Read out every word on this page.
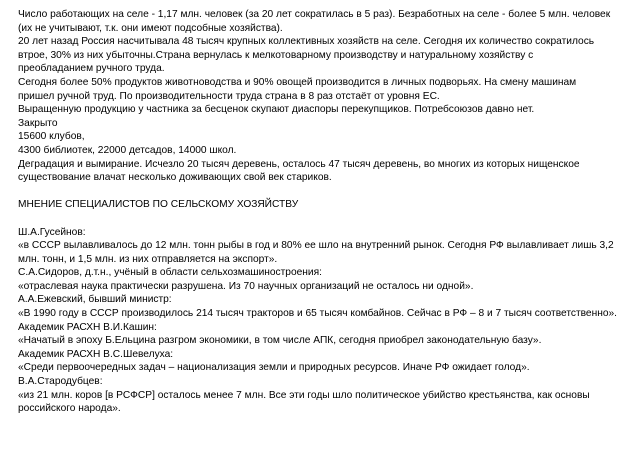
Число работающих на селе - 1,17 млн. человек (за 20 лет сократилась в 5 раз). Безработных на селе - более 5 млн. человек

(их не учитывают, т.к. они имеют подсобные хозяйства).

20 лет назад Россия насчитывала 48 тысяч крупных коллективных хозяйств на селе. Сегодня их количество сократилось

втрое, 30% из них убыточны.Страна вернулась к мелкотоварному производству и натуральному хозяйству с

преобладанием ручного труда.

Сегодня более 50% продуктов животноводства и 90% овощей производится в личных подворьях. На смену машинам

пришел ручной труд. По производительности труда страна в 8 раз отстаёт от уровня ЕС.

Выращенную продукцию у частника за бесценок скупают диаспоры перекупщиков. Потребсоюзов давно нет.

Закрыто

15600 клубов,

4300 библиотек, 22000 детсадов, 14000 школ.

Деградация и вымирание. Исчезло 20 тысяч деревень, осталось 47 тысяч деревень, во многих из которых нищенское

существование влачат несколько доживающих свой век стариков.

МНЕНИЕ СПЕЦИАЛИСТОВ ПО СЕЛЬСКОМУ ХОЗЯЙСТВУ

Ш.А.Гусейнов:

«в СССР вылавливалось до 12 млн. тонн рыбы в год и 80% ее шло на внутренний рынок. Сегодня РФ вылавливает лишь 3,2

млн. тонн, и 1,5 млн. из них отправляется на экспорт».

С.А.Сидоров, д.т.н., учёный в области сельхозмашиностроения:

«отраслевая наука практически разрушена. Из 70 научных организаций не осталось ни одной».

А.А.Ежевский, бывший министр:

«В 1990 году в СССР производилось 214 тысяч тракторов и 65 тысяч комбайнов. Сейчас в РФ – 8 и 7 тысяч соответственно».

Академик РАСХН В.И.Кашин:

«Начатый в эпоху Б.Ельцина разгром экономики, в том числе АПК, сегодня приобрел законодательную базу».

Академик РАСХН В.С.Шевелуха:

«Среди первоочередных задач – национализация земли и природных ресурсов. Иначе РФ ожидает голод».

В.А.Стародубцев:

«из 21 млн. коров [в РСФСР] осталось менее 7 млн. Все эти годы шло политическое убийство крестьянства, как основы

российского народа».
